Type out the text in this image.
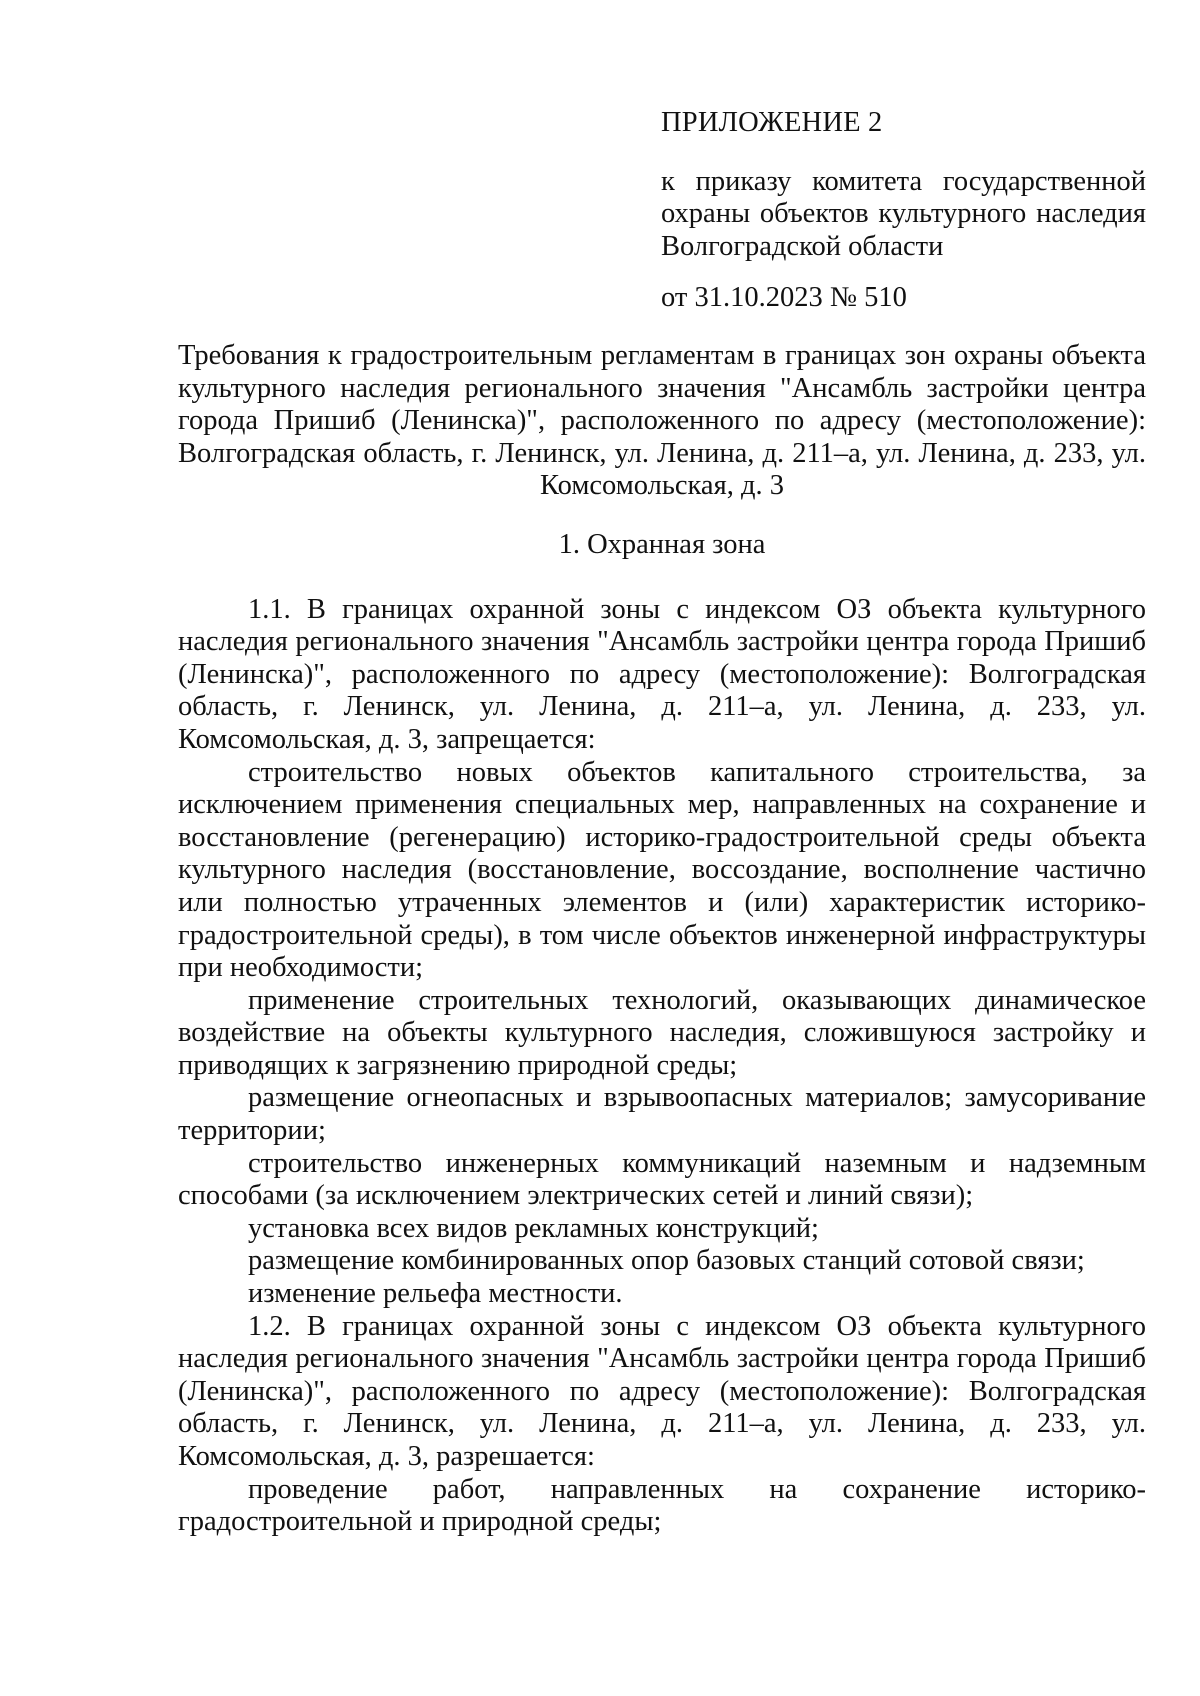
ПРИЛОЖЕНИЕ 2

к приказу комитета государственной охраны объектов культурного наследия Волгоградской области

от 31.10.2023 № 510

Требования к градостроительным регламентам в границах зон охраны объекта культурного наследия регионального значения "Ансамбль застройки центра города Пришиб (Ленинска)", расположенного по адресу (местоположение): Волгоградская область, г. Ленинск, ул. Ленина, д. 211–а, ул. Ленина, д. 233, ул. Комсомольская, д. 3

1. Охранная зона

1.1. В границах охранной зоны с индексом ОЗ объекта культурного наследия регионального значения "Ансамбль застройки центра города Пришиб (Ленинска)", расположенного по адресу (местоположение): Волгоградская область, г. Ленинск, ул. Ленина, д. 211–а, ул. Ленина, д. 233, ул. Комсомольская, д. 3, запрещается:

строительство новых объектов капитального строительства, за исключением применения специальных мер, направленных на сохранение и восстановление (регенерацию) историко-градостроительной среды объекта культурного наследия (восстановление, воссоздание, восполнение частично или полностью утраченных элементов и (или) характеристик историко-градостроительной среды), в том числе объектов инженерной инфраструктуры при необходимости;

применение строительных технологий, оказывающих динамическое воздействие на объекты культурного наследия, сложившуюся застройку и приводящих к загрязнению природной среды;

размещение огнеопасных и взрывоопасных материалов; замусоривание территории;

строительство инженерных коммуникаций наземным и надземным способами (за исключением электрических сетей и линий связи);

установка всех видов рекламных конструкций;

размещение комбинированных опор базовых станций сотовой связи;

изменение рельефа местности.

1.2. В границах охранной зоны с индексом ОЗ объекта культурного наследия регионального значения "Ансамбль застройки центра города Пришиб (Ленинска)", расположенного по адресу (местоположение): Волгоградская область, г. Ленинск, ул. Ленина, д. 211–а, ул. Ленина, д. 233, ул. Комсомольская, д. 3, разрешается:

проведение работ, направленных на сохранение историко-градостроительной и природной среды;
